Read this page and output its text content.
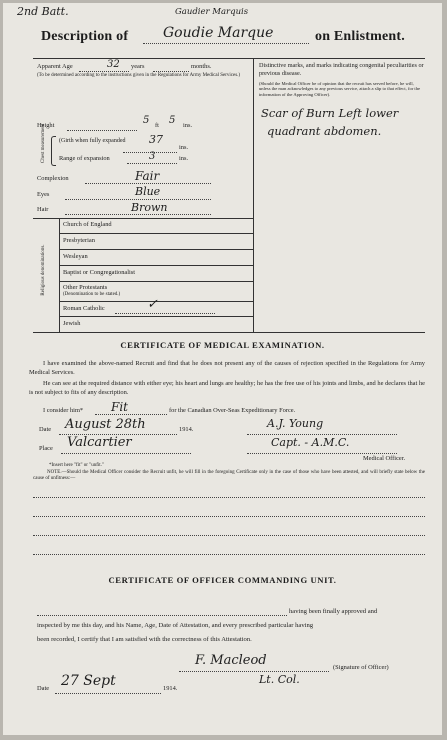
2nd Batt.	Gaudier Marquis
Description of Goudie Marque	on Enlistment.
Apparent Age	32 years	months.
(To be determined according to the instructions given in the Regulations for Army Medical Services.)
Height	5 ft 5 ins.
Chest measurement (Girth when fully expanded	37
ins.
Range of expansion	3	ins.
Complexion	Fair
Eyes	Blue
Hair	Brown
Religious denominations.
Church of England
Presbyterian
Wesleyan
Baptist or Congregationalist
Other Protestants
(Denomination to be stated.)
Roman Catholic	✓
Jewish
Distinctive marks, and marks indicating congenital peculiarities or previous disease.
(Should the Medical Officer be of opinion that the recruit has served before, he will, unless the man acknowledges to any previous service, attach a slip to that effect, for the information of the Approving Officer).
Scar of Burn Left lower
quadrant abdomen.
CERTIFICATE OF MEDICAL EXAMINATION.
I have examined the above-named Recruit and find that he does not present any of the causes of rejection specified in the Regulations for Army Medical Services.
He can see at the required distance with either eye; his heart and lungs are healthy; he has the free use of his joints and limbs, and he declares that he is not subject to fits of any description.
I consider him* Fit	for the Canadian Over-Seas Expeditionary Force.
Date August 28th	1914.	A.J. Young
Place Valcartier	Capt. - A.M.C.
Medical Officer.
*Insert here "fit" or "unfit."
NOTE.—Should the Medical Officer consider the Recruit unfit, he will fill in the foregoing Certificate only in the case of those who have been attested, and will briefly state below the cause of unfitness:—
CERTIFICATE OF OFFICER COMMANDING UNIT.
having been finally approved and
inspected by me this day, and his Name, Age, Date of Attestation, and every prescribed particular having
been recorded, I certify that I am satisfied with the correctness of this Attestation.
F. Macleod	(Signature of Officer)
Lt. Col.
Date 27 Sept	1914.
